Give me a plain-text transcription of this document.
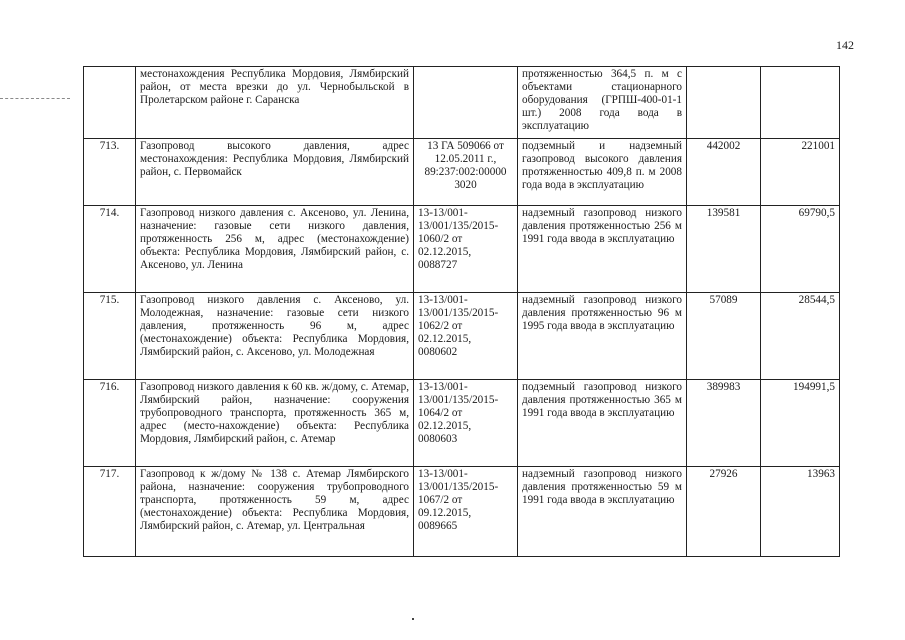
142
	местонахождения Республика Мордовия, Лямбирский район, от места врезки до ул. Чернобыльской в Пролетарском районе г. Саранска		протяженностью 364,5 п. м с объектами стационарного оборудования (ГРПШ-400-01-1 шт.) 2008 года вода в эксплуатацию		
713.	Газопровод высокого давления, адрес местонахождения: Республика Мордовия, Лямбирский район, с. Первомайск	13 ГА 509066 от 12.05.2011 г., 89:237:002:00000 3020	подземный и надземный газопровод высокого давления протяженностью 409,8 п. м 2008 года вода в эксплуатацию	442002	221001
714.	Газопровод низкого давления с. Аксеново, ул. Ленина, назначение: газовые сети низкого давления, протяженность 256 м, адрес (местонахождение) объекта: Республика Мордовия, Лямбирский район, с. Аксеново, ул. Ленина	13-13/001-13/001/135/2015-1060/2 от 02.12.2015, 0088727	надземный газопровод низкого давления протяженностью 256 м 1991 года ввода в эксплуатацию	139581	69790,5
715.	Газопровод низкого давления с. Аксеново, ул. Молодежная, назначение: газовые сети низкого давления, протяженность 96 м, адрес (местонахождение) объекта: Республика Мордовия, Лямбирский район, с. Аксеново, ул. Молодежная	13-13/001-13/001/135/2015-1062/2 от 02.12.2015, 0080602	надземный газопровод низкого давления протяженностью 96 м 1995 года ввода в эксплуатацию	57089	28544,5
716.	Газопровод низкого давления к 60 кв. ж/дому, с. Атемар, Лямбирский район, назначение: сооружения трубопроводного транспорта, протяженность 365 м, адрес (место-нахождение) объекта: Республика Мордовия, Лямбирский район, с. Атемар	13-13/001-13/001/135/2015-1064/2 от 02.12.2015, 0080603	подземный газопровод низкого давления протяженностью 365 м 1991 года ввода в эксплуатацию	389983	194991,5
717.	Газопровод к ж/дому № 138 с. Атемар Лямбирского района, назначение: сооружения трубопроводного транспорта, протяженность 59 м, адрес (местонахождение) объекта: Республика Мордовия, Лямбирский район, с. Атемар, ул. Центральная	13-13/001-13/001/135/2015-1067/2 от 09.12.2015, 0089665	надземный газопровод низкого давления протяженностью 59 м 1991 года ввода в эксплуатацию	27926	13963
